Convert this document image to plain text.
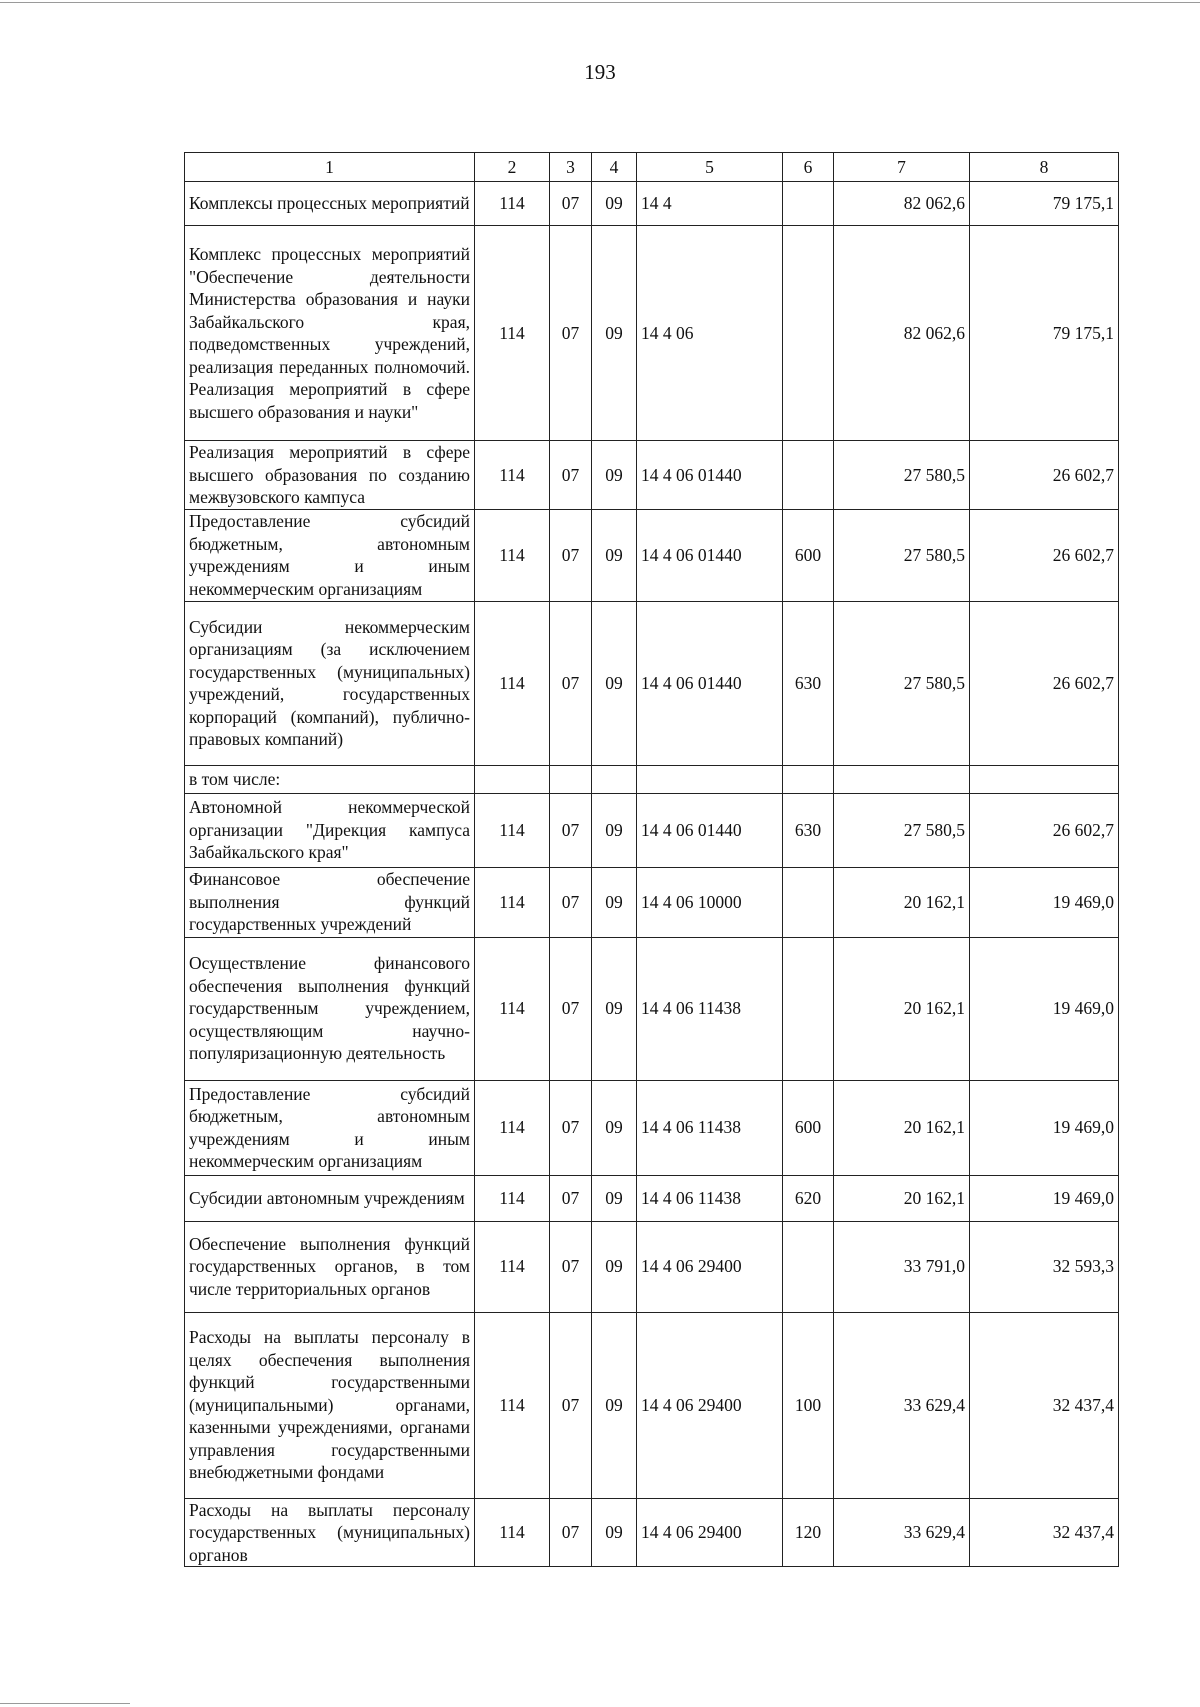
193
1	2	3	4	5	6	7	8
Комплексы процессных мероприятий	114	07	09	14 4		82 062,6	79 175,1
Комплекс процессных мероприятий "Обеспечение деятельности Министерства образования и науки Забайкальского края, подведомственных учреждений, реализация переданных полномочий. Реализация мероприятий в сфере высшего образования и науки"	114	07	09	14 4 06		82 062,6	79 175,1
Реализация мероприятий в сфере высшего образования по созданию межвузовского кампуса	114	07	09	14 4 06 01440		27 580,5	26 602,7
Предоставление субсидий бюджетным, автономным учреждениям и иным некоммерческим организациям	114	07	09	14 4 06 01440	600	27 580,5	26 602,7
Субсидии некоммерческим организациям (за исключением государственных (муниципальных) учреждений, государственных корпораций (компаний), публично-правовых компаний)	114	07	09	14 4 06 01440	630	27 580,5	26 602,7
в том числе:							
Автономной некоммерческой организации "Дирекция кампуса Забайкальского края"	114	07	09	14 4 06 01440	630	27 580,5	26 602,7
Финансовое обеспечение выполнения функций государственных учреждений	114	07	09	14 4 06 10000		20 162,1	19 469,0
Осуществление финансового обеспечения выполнения функций государственным учреждением, осуществляющим научно-популяризационную деятельность	114	07	09	14 4 06 11438		20 162,1	19 469,0
Предоставление субсидий бюджетным, автономным учреждениям и иным некоммерческим организациям	114	07	09	14 4 06 11438	600	20 162,1	19 469,0
Субсидии автономным учреждениям	114	07	09	14 4 06 11438	620	20 162,1	19 469,0
Обеспечение выполнения функций государственных органов, в том числе территориальных органов	114	07	09	14 4 06 29400		33 791,0	32 593,3
Расходы на выплаты персоналу в целях обеспечения выполнения функций государственными (муниципальными) органами, казенными учреждениями, органами управления государственными внебюджетными фондами	114	07	09	14 4 06 29400	100	33 629,4	32 437,4
Расходы на выплаты персоналу государственных (муниципальных) органов	114	07	09	14 4 06 29400	120	33 629,4	32 437,4
